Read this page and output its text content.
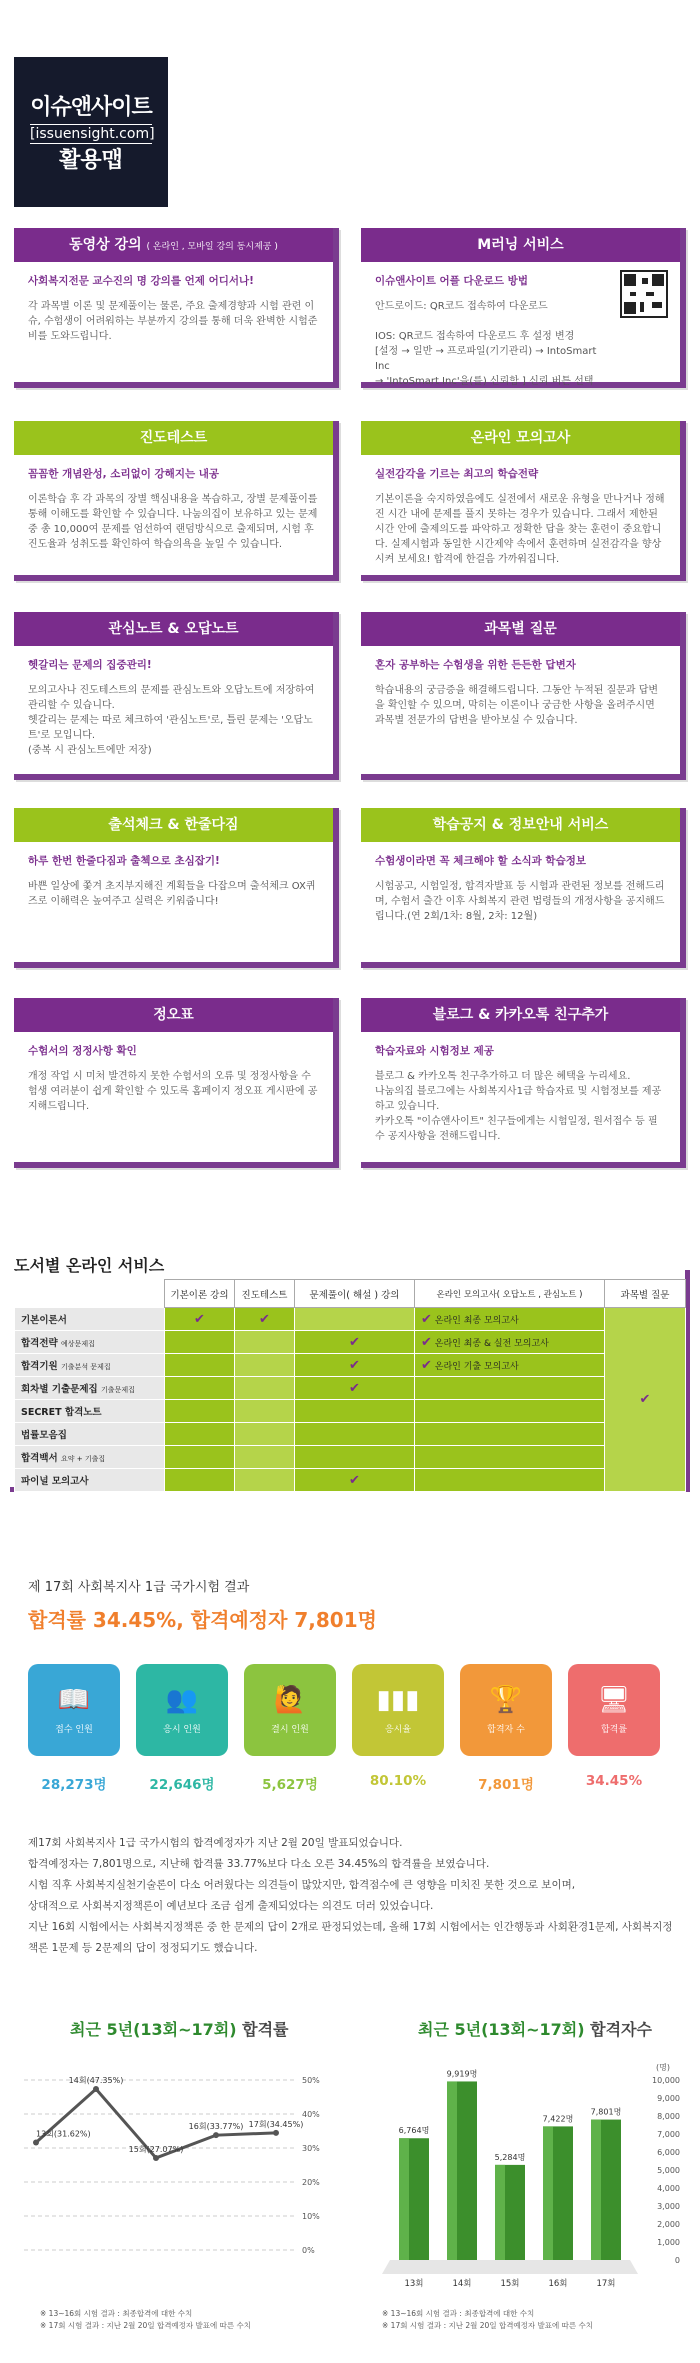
이슈앤사이트
[issuensight.com]
활용맵
동영상 강의 ( 온라인 , 모바일 강의 동시제공 )
사회복지전문 교수진의 명 강의를 언제 어디서나!
각 과목별 이론 및 문제풀이는 물론, 주요 출제경향과 시험 관련 이슈, 수험생이 어려워하는 부분까지 강의를 통해 더욱 완벽한 시험준비를 도와드립니다.
M러닝 서비스
이슈앤사이트 어플 다운로드 방법
안드로이드: QR코드 접속하여 다운로드

IOS: QR코드 접속하여 다운로드 후 설정 변경
[설정 → 일반 → 프로파일(기기관리) → IntoSmart Inc
→ 'IntoSmart Inc'을(를) 신뢰함 ] 신뢰 버튼 선택
진도테스트
꼼꼼한 개념완성, 소리없이 강해지는 내공
이론학습 후 각 과목의 장별 핵심내용을 복습하고, 장별 문제풀이를 통해 이해도를 확인할 수 있습니다. 나눔의집이 보유하고 있는 문제 중 총 10,000여 문제를 엄선하여 랜덤방식으로 출제되며, 시험 후 진도율과 성취도를 확인하여 학습의욕을 높일 수 있습니다.
온라인 모의고사
실전감각을 기르는 최고의 학습전략
기본이론을 숙지하였음에도 실전에서 새로운 유형을 만나거나 정해진 시간 내에 문제를 풀지 못하는 경우가 있습니다. 그래서 제한된 시간 안에 출제의도를 파악하고 정확한 답을 찾는 훈련이 중요합니다. 실제시험과 동일한 시간제약 속에서 훈련하며 실전감각을 향상시켜 보세요! 합격에 한걸음 가까워집니다.
관심노트 & 오답노트
헷갈리는 문제의 집중관리!
모의고사나 진도테스트의 문제를 관심노트와 오답노트에 저장하여 관리할 수 있습니다.
헷갈리는 문제는 따로 체크하여 '관심노트'로, 틀린 문제는 '오답노트'로 모입니다.
(중복 시 관심노트에만 저장)
과목별 질문
혼자 공부하는 수험생을 위한 든든한 답변자
학습내용의 궁금증을 해결해드립니다. 그동안 누적된 질문과 답변을 확인할 수 있으며, 막히는 이론이나 궁금한 사항을 올려주시면 과목별 전문가의 답변을 받아보실 수 있습니다.
출석체크 & 한줄다짐
하루 한번 한줄다짐과 출첵으로 초심잡기!
바쁜 일상에 쫓겨 초지부지해진 계획들을 다잡으며 출석체크 OX퀴즈로 이해력은 높여주고 실력은 키워줍니다!
학습공지 & 정보안내 서비스
수험생이라면 꼭 체크해야 할 소식과 학습정보
시험공고, 시험일정, 합격자발표 등 시험과 관련된 정보를 전해드리며, 수험서 출간 이후 사회복지 관련 법령들의 개정사항을 공지해드립니다.(연 2회/1차: 8월, 2차: 12월)
정오표
수험서의 정정사항 확인
개정 작업 시 미처 발견하지 못한 수험서의 오류 및 정정사항을 수험생 여러분이 쉽게 확인할 수 있도록 홈페이지 정오표 게시판에 공지해드립니다.
블로그 & 카카오톡 친구추가
학습자료와 시험정보 제공
블로그 & 카카오톡 친구추가하고 더 많은 혜택을 누리세요.
나눔의집 블로그에는 사회복지사1급 학습자료 및 시험정보를 제공하고 있습니다.
카카오톡 "이슈앤사이트" 친구들에게는 시험일정, 원서접수 등 필수 공지사항을 전해드립니다.
도서별 온라인 서비스
	기본이론 강의	진도테스트	문제풀이( 해설 ) 강의	온라인 모의고사( 오답노트 , 관심노트 )	과목별 질문
기본이론서	✔	✔		✔ 온라인 최종 모의고사	✔
합격전략 예상문제집			✔	✔ 온라인 최종 & 실전 모의고사	
합격기원 기출분석 문제집			✔	✔ 온라인 기출 모의고사	
회차별 기출문제집 기출문제집			✔		
SECRET 합격노트					
법률모음집					
합격백서 요약 + 기출집					
파이널 모의고사			✔		
제 17회 사회복지사 1급 국가시험 결과
합격률 34.45%, 합격예정자 7,801명
📖
접수 인원
28,273명
👥
응시 인원
22,646명
🙋
결시 인원
5,627명
▮▮▮
응시율
80.10%
🏆
합격자 수
7,801명
🖥
합격률
34.45%
제17회 사회복지사 1급 국가시험의 합격예정자가 지난 2월 20일 발표되었습니다.
합격예정자는 7,801명으로, 지난해 합격률 33.77%보다 다소 오른 34.45%의 합격률을 보였습니다.
시험 직후 사회복지실천기술론이 다소 어려웠다는 의견들이 많았지만, 합격점수에 큰 영향을 미치진 못한 것으로 보이며,
상대적으로 사회복지정책론이 예년보다 조금 쉽게 출제되었다는 의견도 더러 있었습니다.
지난 16회 시험에서는 사회복지정책론 중 한 문제의 답이 2개로 판정되었는데, 올해 17회 시험에서는 인간행동과 사회환경1문제, 사회복지정책론 1문제 등 2문제의 답이 정정되기도 했습니다.
최근 5년(13회~17회) 합격률	최근 5년(13회~17회) 합격자수
0%
10%
20%
30%
40%
50%
13회(31.62%)
14회(47.35%)
15회(27.07%)
16회(33.77%) 17회(34.45%)
(명)
0
1,000
2,000
3,000
4,000
5,000
6,000
7,000
8,000
9,000
10,000
6,764명
13회
9,919명
14회
5,284명
15회
7,422명
16회
7,801명
17회
※ 13~16회 시험 결과 : 최종합격에 대한 수치
※ 17회 시험 결과 : 지난 2월 20일 합격예정자 발표에 따른 수치
※ 13~16회 시험 결과 : 최종합격에 대한 수치
※ 17회 시험 결과 : 지난 2월 20일 합격예정자 발표에 따른 수치
